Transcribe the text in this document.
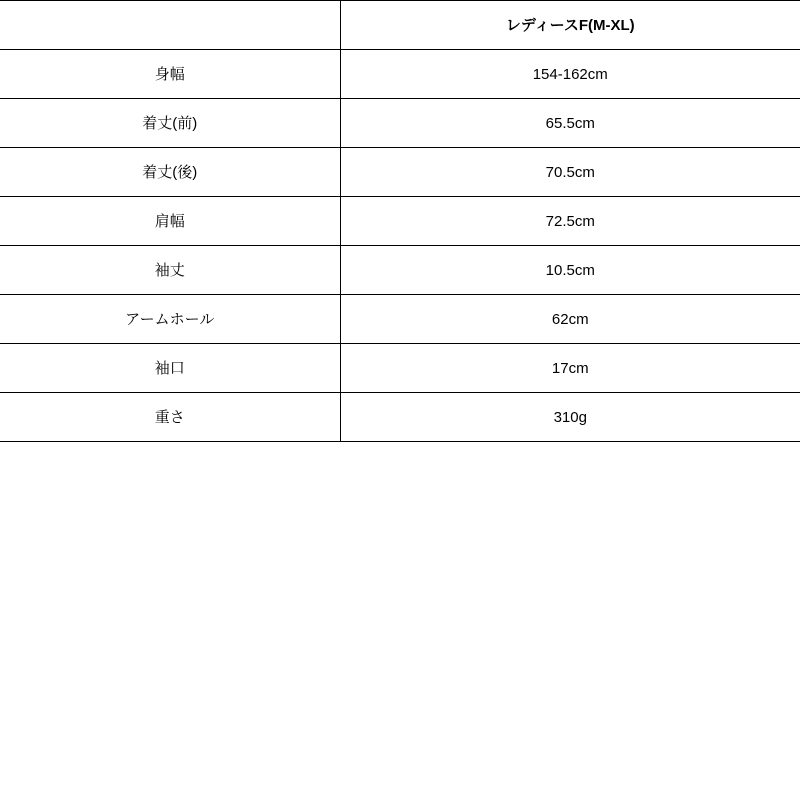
	レディースF(M-XL)
身幅	154-162cm
着丈(前)	65.5cm
着丈(後)	70.5cm
肩幅	72.5cm
袖丈	10.5cm
アームホール	62cm
袖口	17cm
重さ	310g
